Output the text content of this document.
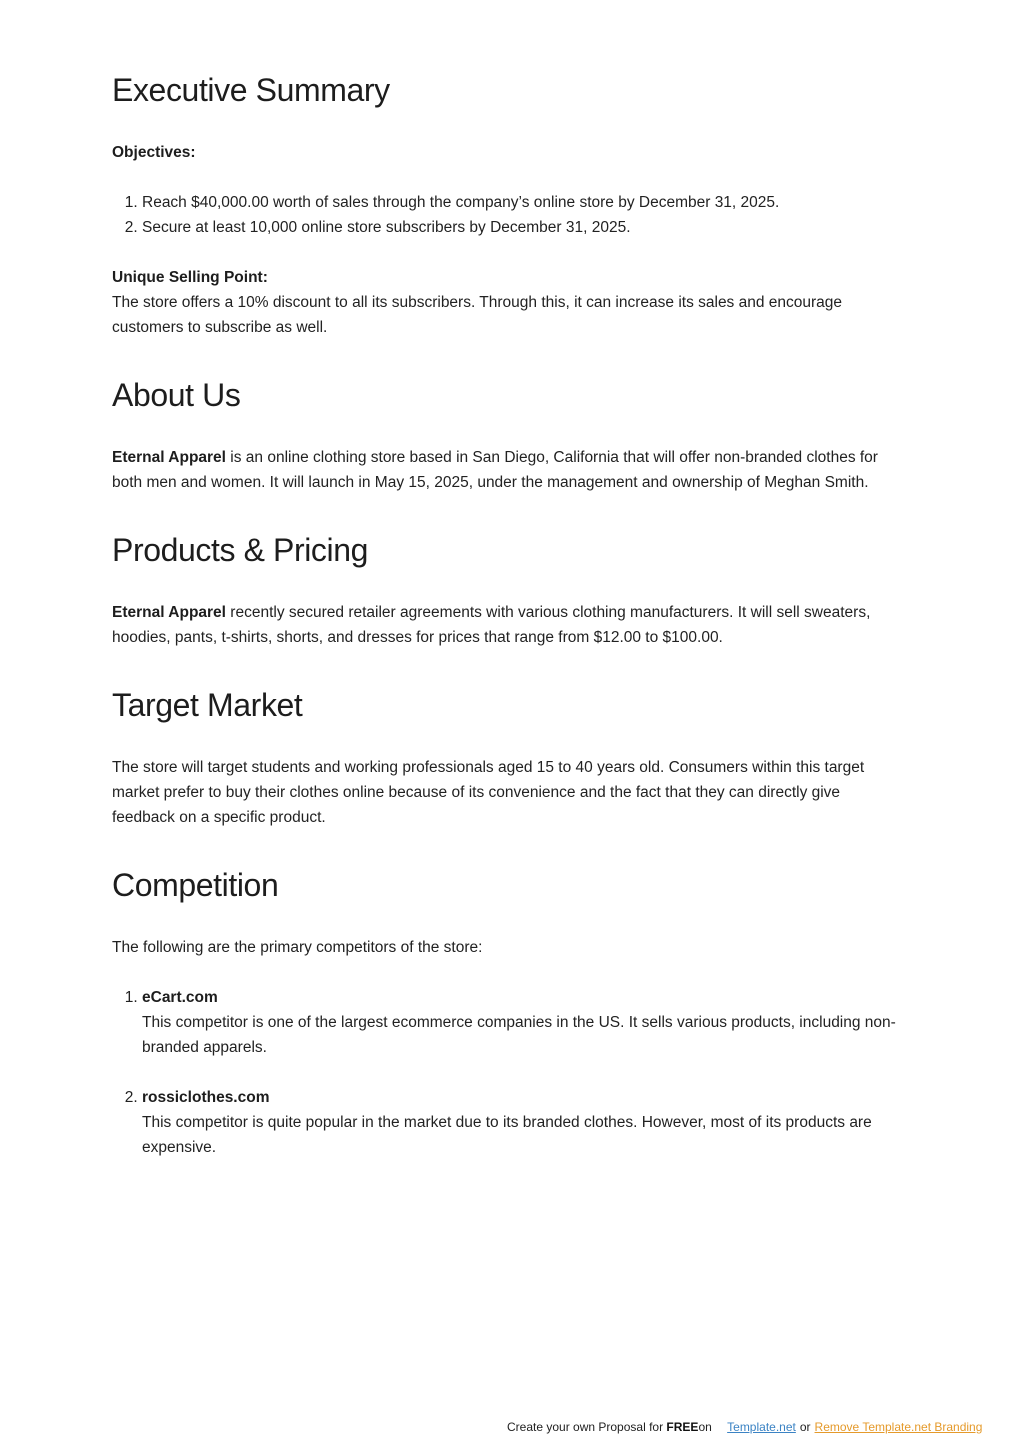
Executive Summary

Objectives:

1. Reach $40,000.00 worth of sales through the company’s online store by December 31, 2025.
2. Secure at least 10,000 online store subscribers by December 31, 2025.

Unique Selling Point:

The store offers a 10% discount to all its subscribers. Through this, it can increase its sales and encourage customers to subscribe as well.

About Us

Eternal Apparel is an online clothing store based in San Diego, California that will offer non-branded clothes for both men and women. It will launch in May 15, 2025, under the management and ownership of Meghan Smith.

Products & Pricing

Eternal Apparel recently secured retailer agreements with various clothing manufacturers. It will sell sweaters, hoodies, pants, t-shirts, shorts, and dresses for prices that range from $12.00 to $100.00.

Target Market

The store will target students and working professionals aged 15 to 40 years old. Consumers within this target market prefer to buy their clothes online because of its convenience and the fact that they can directly give feedback on a specific product.

Competition

The following are the primary competitors of the store:

1. eCart.com
This competitor is one of the largest ecommerce companies in the US. It sells various products, including non-branded apparels.
2. rossiclothes.com
This competitor is quite popular in the market due to its branded clothes. However, most of its products are expensive.
Create your own Proposal for FREEon Template.net or Remove Template.net Branding
